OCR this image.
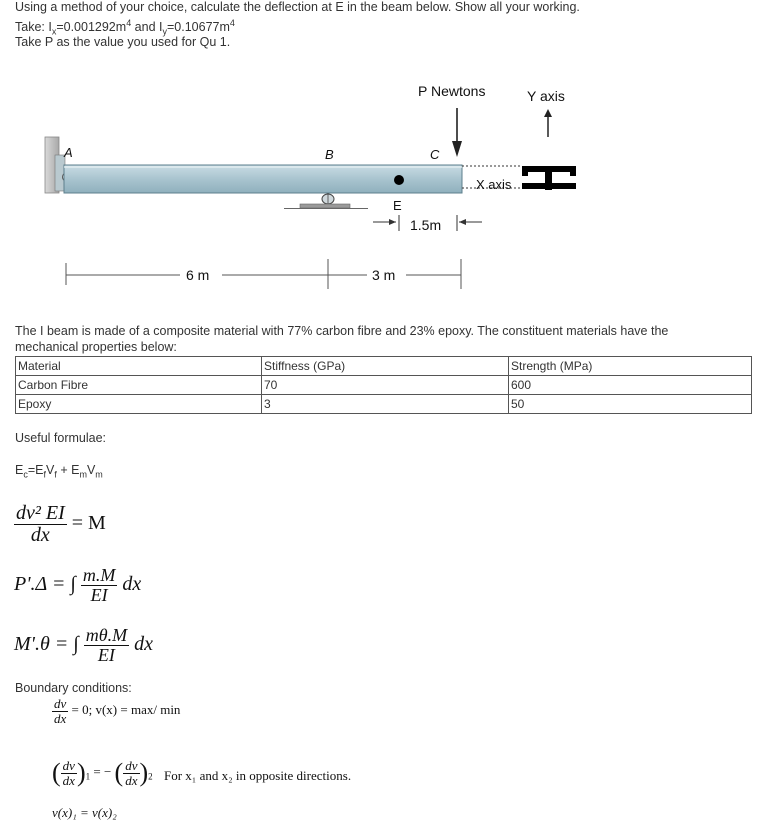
Using a method of your choice, calculate the deflection at E in the beam below. Show all your working.
Take: $I_x=0.001292m^4$ and $I_y=0.10677m^4$
Take P as the value you used for Qu 1.
A	B	C
E
P Newtons	Y axis
X axis
1.5m
6 m	3 m
The I beam is made of a composite material with 77% carbon fibre and 23% epoxy. The constituent materials have the
mechanical properties below:
Material	Stiffness (GPa)	Strength (MPa)
Carbon Fibre	70	600
Epoxy	3	50
Useful formulae:
$E_c=E_fV_f + E_mV_m$
$\frac{\text{dv² EI}}{dx} = M$
P'.Δ = ∫ $\frac{m.M}{EI}$ dx
M'.θ = ∫ $\frac{m\theta.M}{EI}$ dx
Boundary conditions:
$\frac{dv}{dx} = 0$; v(x) = max/ min
( $\frac{dv}{dx} )_1$ = − ( $\frac{dv}{dx} )_2$ For x₁ and x₂ in opposite directions.
v(x)₁ = v(x)₂
